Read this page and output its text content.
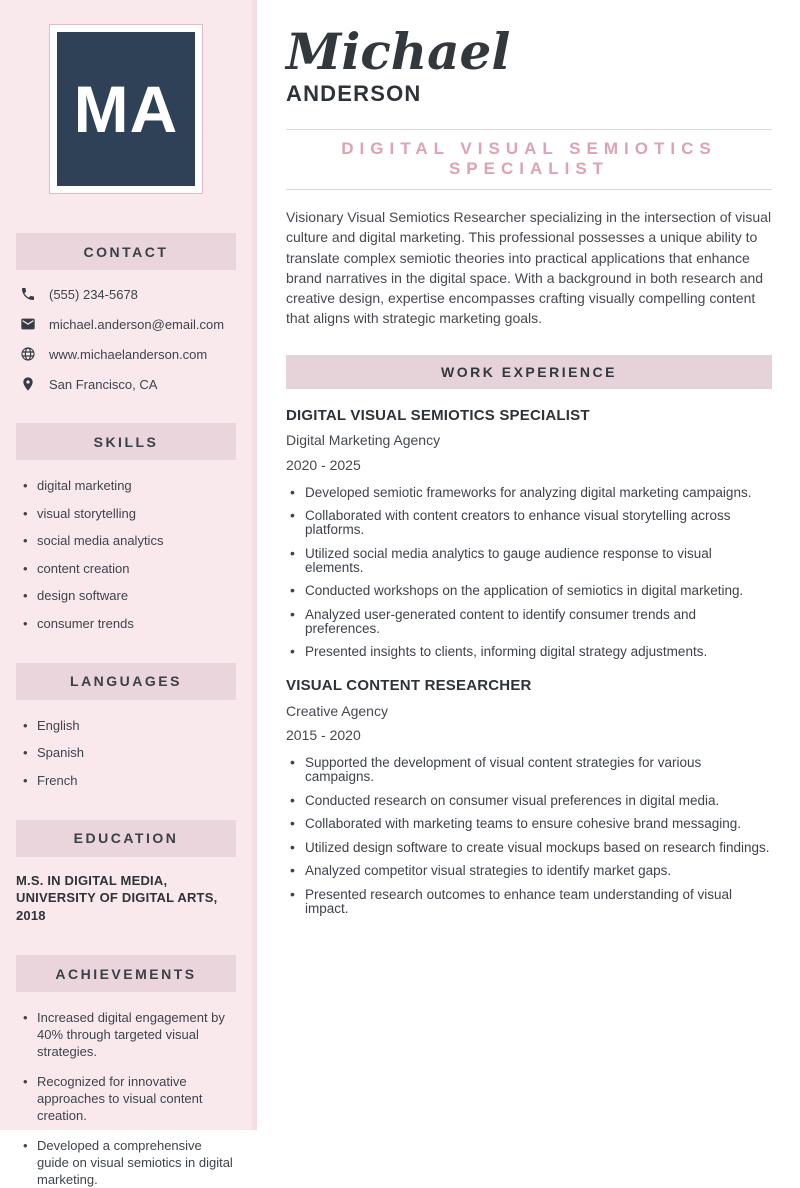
MA
CONTACT
(555) 234-5678
michael.anderson@email.com
www.michaelanderson.com
San Francisco, CA
SKILLS
• digital marketing
• visual storytelling
• social media analytics
• content creation
• design software
• consumer trends
LANGUAGES
• English
• Spanish
• French
EDUCATION
M.S. IN DIGITAL MEDIA, UNIVERSITY OF DIGITAL ARTS, 2018
ACHIEVEMENTS
• Increased digital engagement by 40% through targeted visual strategies.
• Recognized for innovative approaches to visual content creation.
• Developed a comprehensive guide on visual semiotics in digital marketing.
Michael
ANDERSON
DIGITAL VISUAL SEMIOTICS SPECIALIST

Visionary Visual Semiotics Researcher specializing in the intersection of visual culture and digital marketing. This professional possesses a unique ability to translate complex semiotic theories into practical applications that enhance brand narratives in the digital space. With a background in both research and creative design, expertise encompasses crafting visually compelling content that aligns with strategic marketing goals.

WORK EXPERIENCE
DIGITAL VISUAL SEMIOTICS SPECIALIST
Digital Marketing Agency
2020 - 2025
• Developed semiotic frameworks for analyzing digital marketing campaigns.
• Collaborated with content creators to enhance visual storytelling across platforms.
• Utilized social media analytics to gauge audience response to visual elements.
• Conducted workshops on the application of semiotics in digital marketing.
• Analyzed user-generated content to identify consumer trends and preferences.
• Presented insights to clients, informing digital strategy adjustments.
VISUAL CONTENT RESEARCHER
Creative Agency
2015 - 2020
• Supported the development of visual content strategies for various campaigns.
• Conducted research on consumer visual preferences in digital media.
• Collaborated with marketing teams to ensure cohesive brand messaging.
• Utilized design software to create visual mockups based on research findings.
• Analyzed competitor visual strategies to identify market gaps.
• Presented research outcomes to enhance team understanding of visual impact.
